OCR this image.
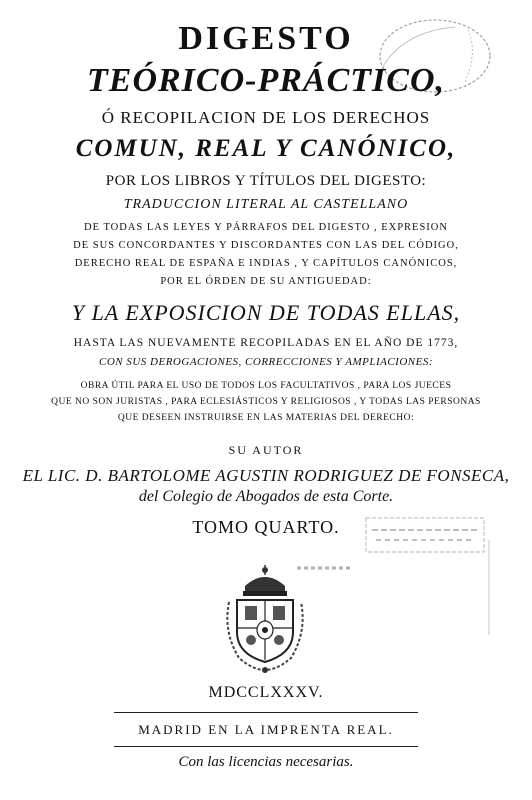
DIGESTO
TEÓRICO-PRÁCTICO,
Ó RECOPILACION DE LOS DERECHOS
COMUN, REAL Y CANÓNICO,
POR LOS LIBROS Y TÍTULOS DEL DIGESTO:
TRADUCCION LITERAL AL CASTELLANO
DE TODAS LAS LEYES Y PÁRRAFOS DEL DIGESTO , EXPRESION
DE SUS CONCORDANTES Y DISCORDANTES CON LAS DEL CÓDIGO,
DERECHO REAL DE ESPAÑA E INDIAS , Y CAPÍTULOS CANÓNICOS,
POR EL ÓRDEN DE SU ANTIGUEDAD:
Y LA EXPOSICION DE TODAS ELLAS,
HASTA LAS NUEVAMENTE RECOPILADAS EN EL AÑO DE 1773,
CON SUS DEROGACIONES, CORRECCIONES Y AMPLIACIONES:
OBRA ÚTIL PARA EL USO DE TODOS LOS FACULTATIVOS , PARA LOS JUECES
QUE NO SON JURISTAS , PARA ECLESIÁSTICOS Y RELIGIOSOS , Y TODAS LAS PERSONAS
QUE DESEEN INSTRUIRSE EN LAS MATERIAS DEL DERECHO:
SU AUTOR
EL LIC. D. BARTOLOME AGUSTIN RODRIGUEZ DE FONSECA,
del Colegio de Abogados de esta Corte.
TOMO QUARTO.
MDCCLXXXV.
MADRID EN LA IMPRENTA REAL.
Con las licencias necesarias.
